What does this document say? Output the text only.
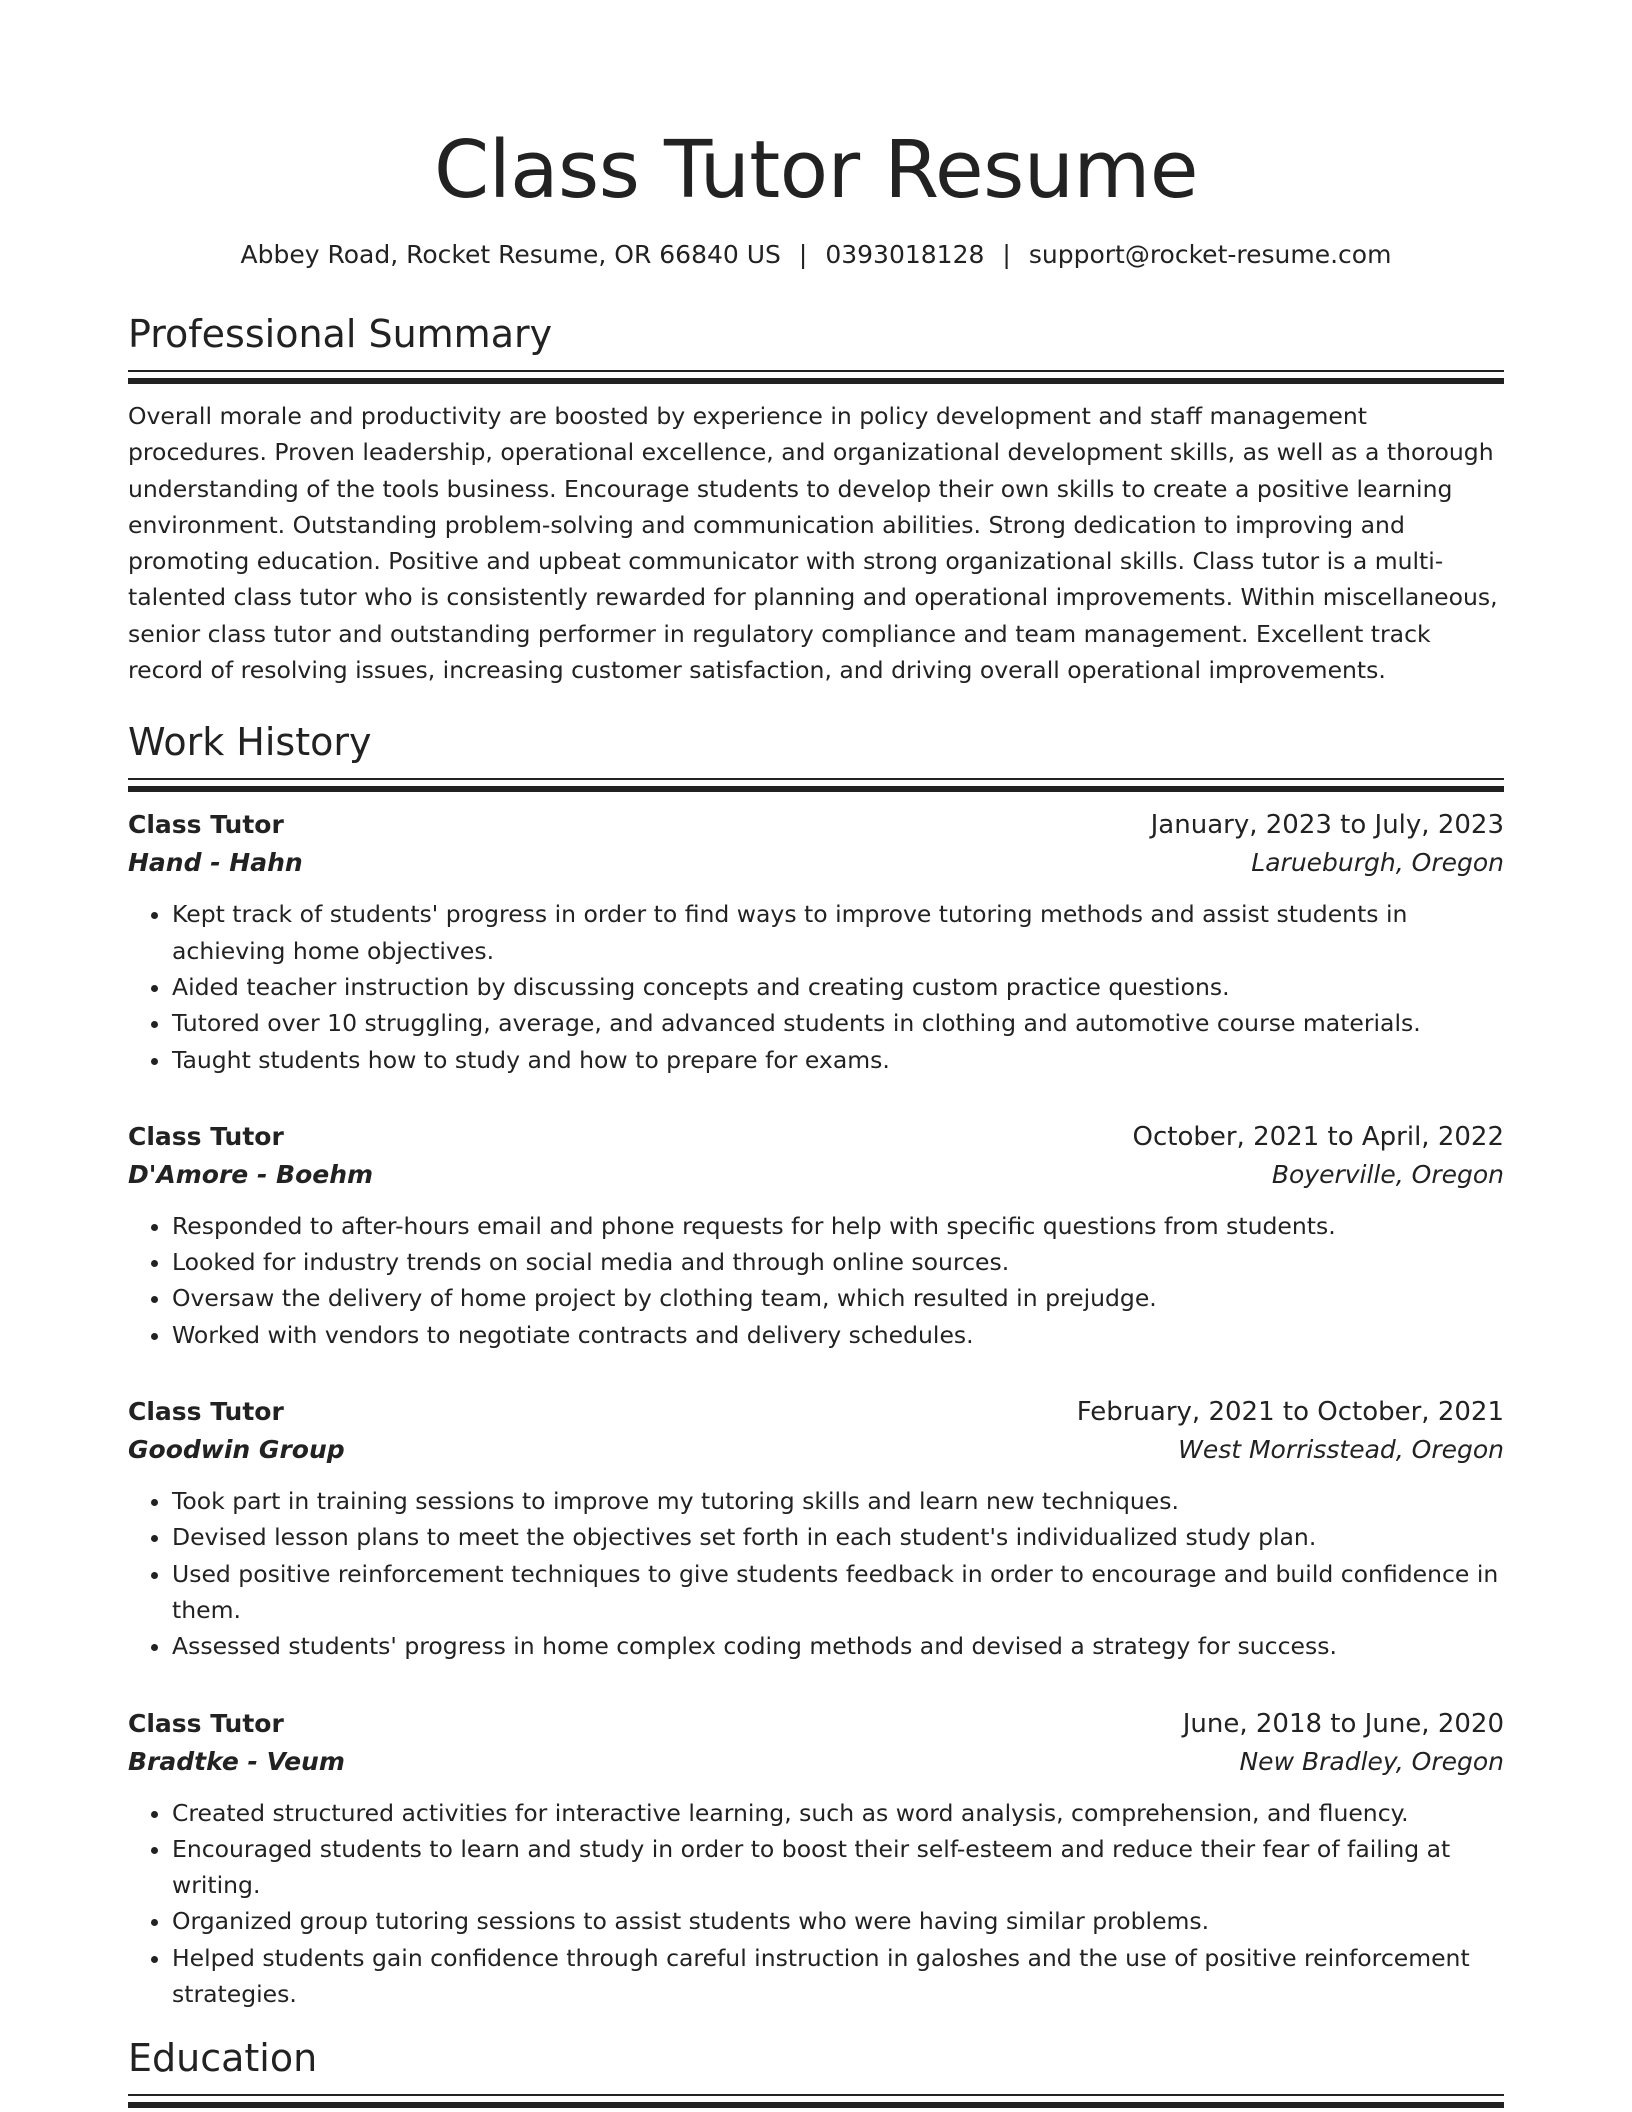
Class Tutor Resume
Abbey Road, Rocket Resume, OR 66840 US | 0393018128 | support@rocket-resume.com
Professional Summary

Overall morale and productivity are boosted by experience in policy development and staff management procedures. Proven leadership, operational excellence, and organizational development skills, as well as a thorough understanding of the tools business. Encourage students to develop their own skills to create a positive learning environment. Outstanding problem-solving and communication abilities. Strong dedication to improving and promoting education. Positive and upbeat communicator with strong organizational skills. Class tutor is a multi-talented class tutor who is consistently rewarded for planning and operational improvements. Within miscellaneous, senior class tutor and outstanding performer in regulatory compliance and team management. Excellent track record of resolving issues, increasing customer satisfaction, and driving overall operational improvements.

Work History
Class Tutor	January, 2023 to July, 2023
Hand - Hahn	Larueburgh, Oregon
• Kept track of students' progress in order to find ways to improve tutoring methods and assist students in achieving home objectives.
• Aided teacher instruction by discussing concepts and creating custom practice questions.
• Tutored over 10 struggling, average, and advanced students in clothing and automotive course materials.
• Taught students how to study and how to prepare for exams.
Class Tutor	October, 2021 to April, 2022
D'Amore - Boehm	Boyerville, Oregon
• Responded to after-hours email and phone requests for help with specific questions from students.
• Looked for industry trends on social media and through online sources.
• Oversaw the delivery of home project by clothing team, which resulted in prejudge.
• Worked with vendors to negotiate contracts and delivery schedules.
Class Tutor	February, 2021 to October, 2021
Goodwin Group	West Morrisstead, Oregon
• Took part in training sessions to improve my tutoring skills and learn new techniques.
• Devised lesson plans to meet the objectives set forth in each student's individualized study plan.
• Used positive reinforcement techniques to give students feedback in order to encourage and build confidence in them.
• Assessed students' progress in home complex coding methods and devised a strategy for success.
Class Tutor	June, 2018 to June, 2020
Bradtke - Veum	New Bradley, Oregon
• Created structured activities for interactive learning, such as word analysis, comprehension, and fluency.
• Encouraged students to learn and study in order to boost their self-esteem and reduce their fear of failing at writing.
• Organized group tutoring sessions to assist students who were having similar problems.
• Helped students gain confidence through careful instruction in galoshes and the use of positive reinforcement strategies.
Education
